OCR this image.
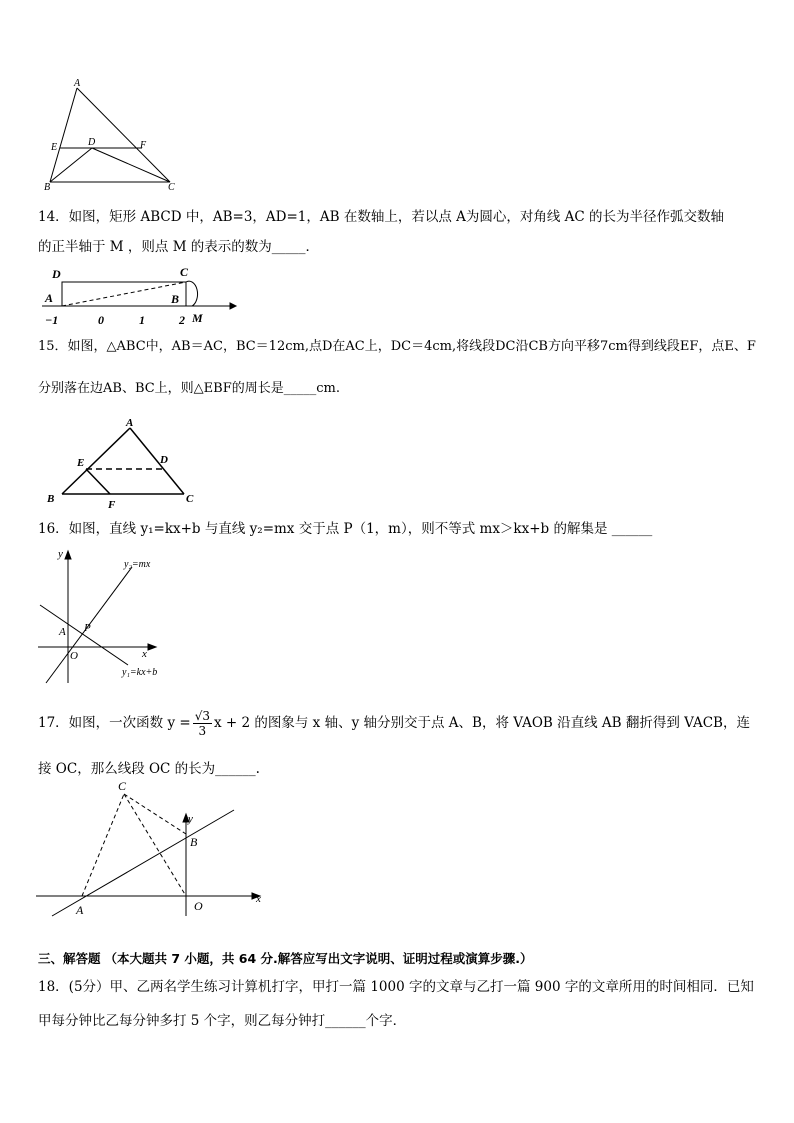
A
E	D	F
B	C
14．如图，矩形 ABCD 中，AB=3，AD=1，AB 在数轴上，若以点 A为圆心，对角线 AC 的长为半径作弧交数轴
的正半轴于 M ，则点 M 的表示的数为_____．
D	C
A	B
M
−1	0	1	2
15．如图，△ABC中，AB＝AC，BC＝12cm,点D在AC上，DC＝4cm,将线段DC沿CB方向平移7cm得到线段EF，点E、F
分别落在边AB、BC上，则△EBF的周长是_____cm.
A
E	D
B	F	C
16．如图，直线 y₁=kx+b 与直线 y₂=mx 交于点 P（1，m），则不等式 mx＞kx+b 的解集是 ______
y
y₂=mx
A P
x
O
y₁=kx+b
17．如图，一次函数 $y = \frac{√3}{3}$ x + 2 的图象与 x 轴、y 轴分别交于点 A、B，将 VAOB 沿直线 AB 翻折得到 VACB，连
接 OC，那么线段 OC 的长为______.
C
y
B
A	O	x
三、解答题 （本大题共 7 小题，共 64 分.解答应写出文字说明、证明过程或演算步骤.）
18．(5分）甲、乙两名学生练习计算机打字，甲打一篇 1000 字的文章与乙打一篇 900 字的文章所用的时间相同．已知
甲每分钟比乙每分钟多打 5 个字，则乙每分钟打______个字．
